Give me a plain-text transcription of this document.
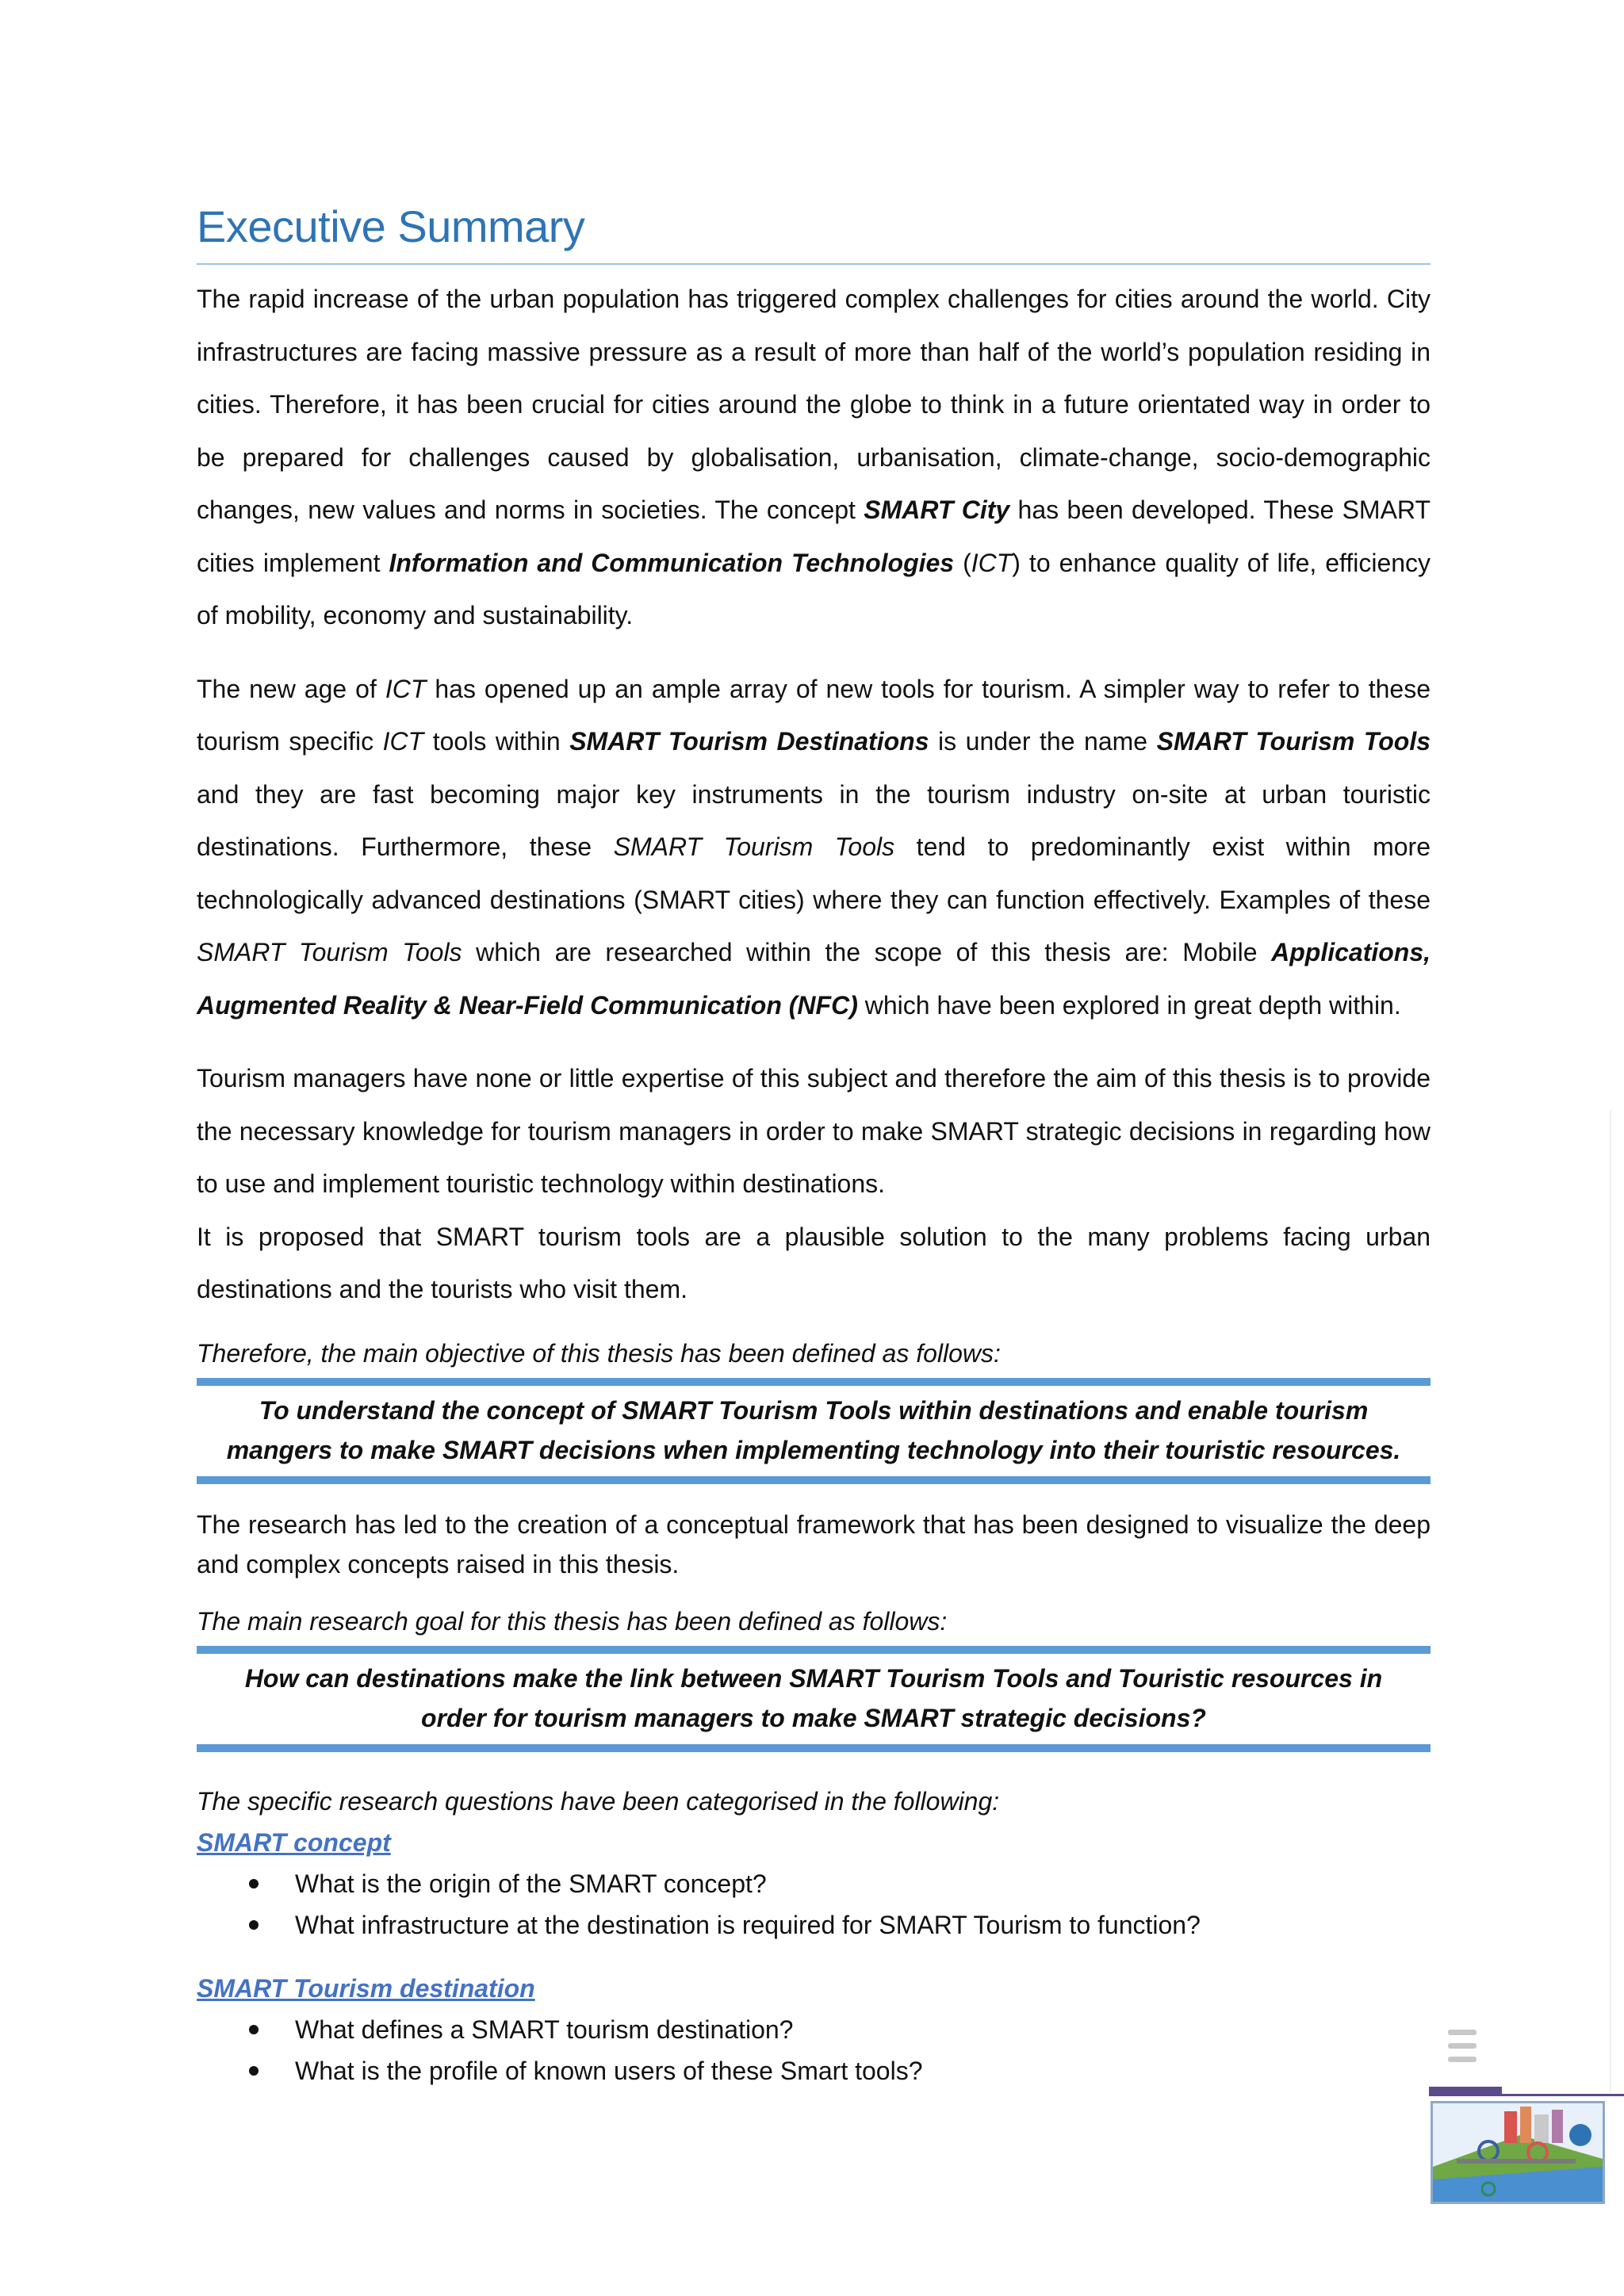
Executive Summary

The rapid increase of the urban population has triggered complex challenges for cities around the world. City infrastructures are facing massive pressure as a result of more than half of the world’s population residing in cities. Therefore, it has been crucial for cities around the globe to think in a future orientated way in order to be prepared for challenges caused by globalisation, urbanisation, climate-change, socio-demographic changes, new values and norms in societies. The concept SMART City has been developed. These SMART cities implement Information and Communication Technologies (ICT) to enhance quality of life, efficiency of mobility, economy and sustainability.

The new age of ICT has opened up an ample array of new tools for tourism. A simpler way to refer to these tourism specific ICT tools within SMART Tourism Destinations is under the name SMART Tourism Tools and they are fast becoming major key instruments in the tourism industry on-site at urban touristic destinations. Furthermore, these SMART Tourism Tools tend to predominantly exist within more technologically advanced destinations (SMART cities) where they can function effectively. Examples of these SMART Tourism Tools which are researched within the scope of this thesis are: Mobile Applications, Augmented Reality & Near-Field Communication (NFC) which have been explored in great depth within.

Tourism managers have none or little expertise of this subject and therefore the aim of this thesis is to provide the necessary knowledge for tourism managers in order to make SMART strategic decisions in regarding how to use and implement touristic technology within destinations.

It is proposed that SMART tourism tools are a plausible solution to the many problems facing urban destinations and the tourists who visit them.

Therefore, the main objective of this thesis has been defined as follows:

To understand the concept of SMART Tourism Tools within destinations and enable tourism mangers to make SMART decisions when implementing technology into their touristic resources.

The research has led to the creation of a conceptual framework that has been designed to visualize the deep and complex concepts raised in this thesis.

The main research goal for this thesis has been defined as follows:

How can destinations make the link between SMART Tourism Tools and Touristic resources in order for tourism managers to make SMART strategic decisions?

The specific research questions have been categorised in the following:

SMART concept
What is the origin of the SMART concept?
What infrastructure at the destination is required for SMART Tourism to function?
SMART Tourism destination
What defines a SMART tourism destination?
What is the profile of known users of these Smart tools?
